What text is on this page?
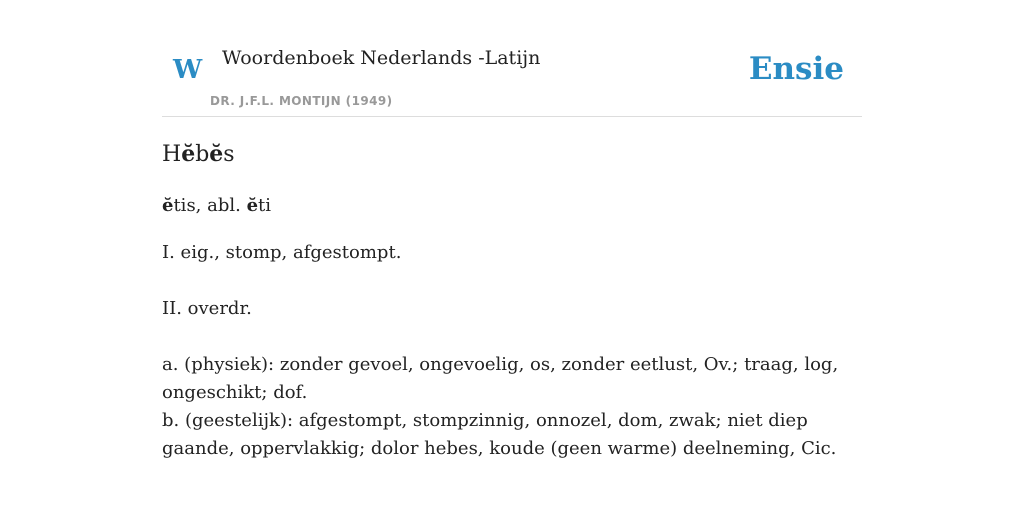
W Woordenboek Nederlands -Latijn
DR. J.F.L. MONTIJN (1949)
Ensie
Hĕbĕs
ĕtis, abl. ĕti
I. eig., stomp, afgestompt.
II. overdr.
a. (physiek): zonder gevoel, ongevoelig, os, zonder eetlust, Ov.; traag, log, ongeschikt; dof.
b. (geestelijk): afgestompt, stompzinnig, onnozel, dom, zwak; niet diep gaande, oppervlakkig; dolor hebes, koude (geen warme) deelneming, Cic.
